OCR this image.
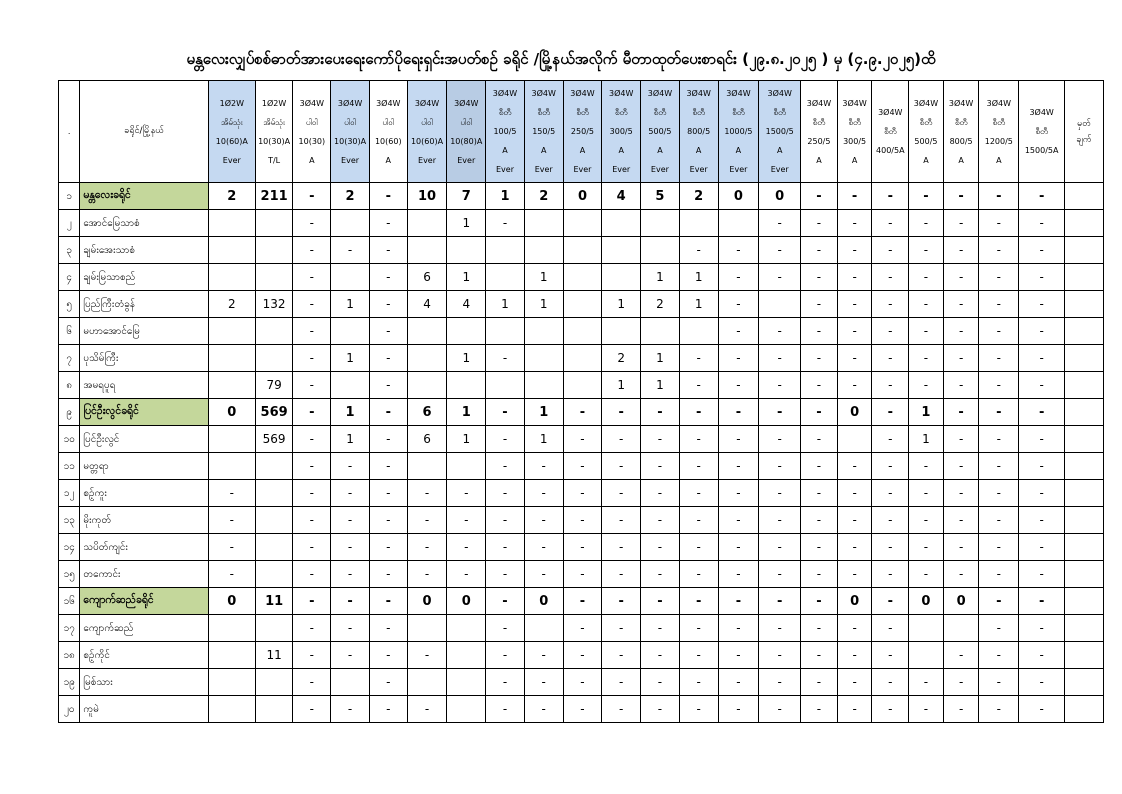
မန္တလေးလျှပ်စစ်ဓာတ်အားပေးရေးကော်ပိုရေးရှင်းအပတ်စဉ် ခရိုင် /မြို့နယ်အလိုက် မီတာထုတ်ပေးစာရင်း (၂၉.၈.၂၀၂၅ ) မှ (၄.၉.၂၀၂၅)ထိ
.	ခရိုင်/မြို့နယ်	1Ø2W
အိမ်သုံး
10(60)A
Ever	1Ø2W
အိမ်သုံး
10(30)A
T/L	3Ø4W
ပါဝါ
10(30)
A	3Ø4W
ပါဝါ
10(30)A
Ever	3Ø4W
ပါဝါ
10(60)
A	3Ø4W
ပါဝါ
10(60)A
Ever	3Ø4W
ပါဝါ
10(80)A
Ever	3Ø4W
စီတီ
100/5
A
Ever	3Ø4W
စီတီ
150/5
A
Ever	3Ø4W
စီတီ
250/5
A
Ever	3Ø4W
စီတီ
300/5
A
Ever	3Ø4W
စီတီ
500/5
A
Ever	3Ø4W
စီတီ
800/5
A
Ever	3Ø4W
စီတီ
1000/5
A
Ever	3Ø4W
စီတီ
1500/5
A
Ever	3Ø4W
စီတီ
250/5
A	3Ø4W
စီတီ
300/5
A	3Ø4W
စီတီ
400/5A	3Ø4W
စီတီ
500/5
A	3Ø4W
စီတီ
800/5
A	3Ø4W
စီတီ
1200/5
A	3Ø4W
စီတီ
1500/5A	မှတ်
ချက်

၁	မန္တလေးခရိုင်	2	211	-	2	-	10	7	1	2	0	4	5	2	0	0	-	-	-	-	-	-	-	
၂	အောင်မြေသာစံ			-		-		1	-							-	-	-	-	-	-	-	-	
၃	ချမ်းအေးသာစံ			-	-	-								-	-	-	-	-	-	-	-	-	-	
၄	ချမ်းမြသာစည်			-		-	6	1		1			1	1	-	-	-	-	-	-	-	-	-	
၅	ပြည်ကြီးတံခွန်	2	132	-	1	-	4	4	1	1		1	2	1	-		-	-	-	-	-	-	-	
၆	မဟာအောင်မြေ			-		-									-	-	-	-	-	-	-	-	-	
၇	ပုသိမ်ကြီး			-	1	-		1	-			2	1	-	-	-	-	-	-	-	-	-	-	
၈	အမရပူရ		79	-		-						1	1	-	-	-	-	-	-	-	-	-	-	
၉	ပြင်ဦးလွင်ခရိုင်	0	569	-	1	-	6	1	-	1	-	-	-	-	-	-	-	0	-	1	-	-	-	
၁၀	ပြင်ဦးလွင်		569	-	1	-	6	1	-	1	-	-	-	-	-	-	-		-	1	-	-	-	
၁၁	မတ္တရာ			-	-	-			-	-	-	-	-	-	-	-	-	-	-	-	-	-	-	
၁၂	စဉ့်ကူး	-		-	-	-	-	-	-	-	-	-	-	-	-	-	-	-	-	-	-	-	-	
၁၃	မိုးကုတ်	-		-	-	-	-	-	-	-	-	-	-	-	-	-	-	-	-	-	-	-	-	
၁၄	သပိတ်ကျင်း	-		-	-	-	-	-	-	-	-	-	-	-	-	-	-	-	-	-	-	-	-	
၁၅	တကောင်း	-		-	-	-	-	-	-	-	-	-	-	-	-	-	-	-	-	-	-	-	-	
၁၆	ကျောက်ဆည်ခရိုင်	0	11	-	-	-	0	0	-	0	-	-	-	-	-	-	-	0	-	0	0	-	-	
၁၇	ကျောက်ဆည်			-	-	-			-		-	-	-	-	-	-	-	-	-			-	-	
၁၈	စဉ့်ကိုင်		11	-	-	-	-		-	-	-	-	-	-	-	-	-	-	-		-	-	-	
၁၉	မြစ်သား			-		-			-	-	-	-	-	-	-	-	-	-	-	-	-	-	-	
၂၀	ကူမဲ			-	-	-	-		-	-	-	-	-	-	-	-	-	-	-	-	-	-	-	
